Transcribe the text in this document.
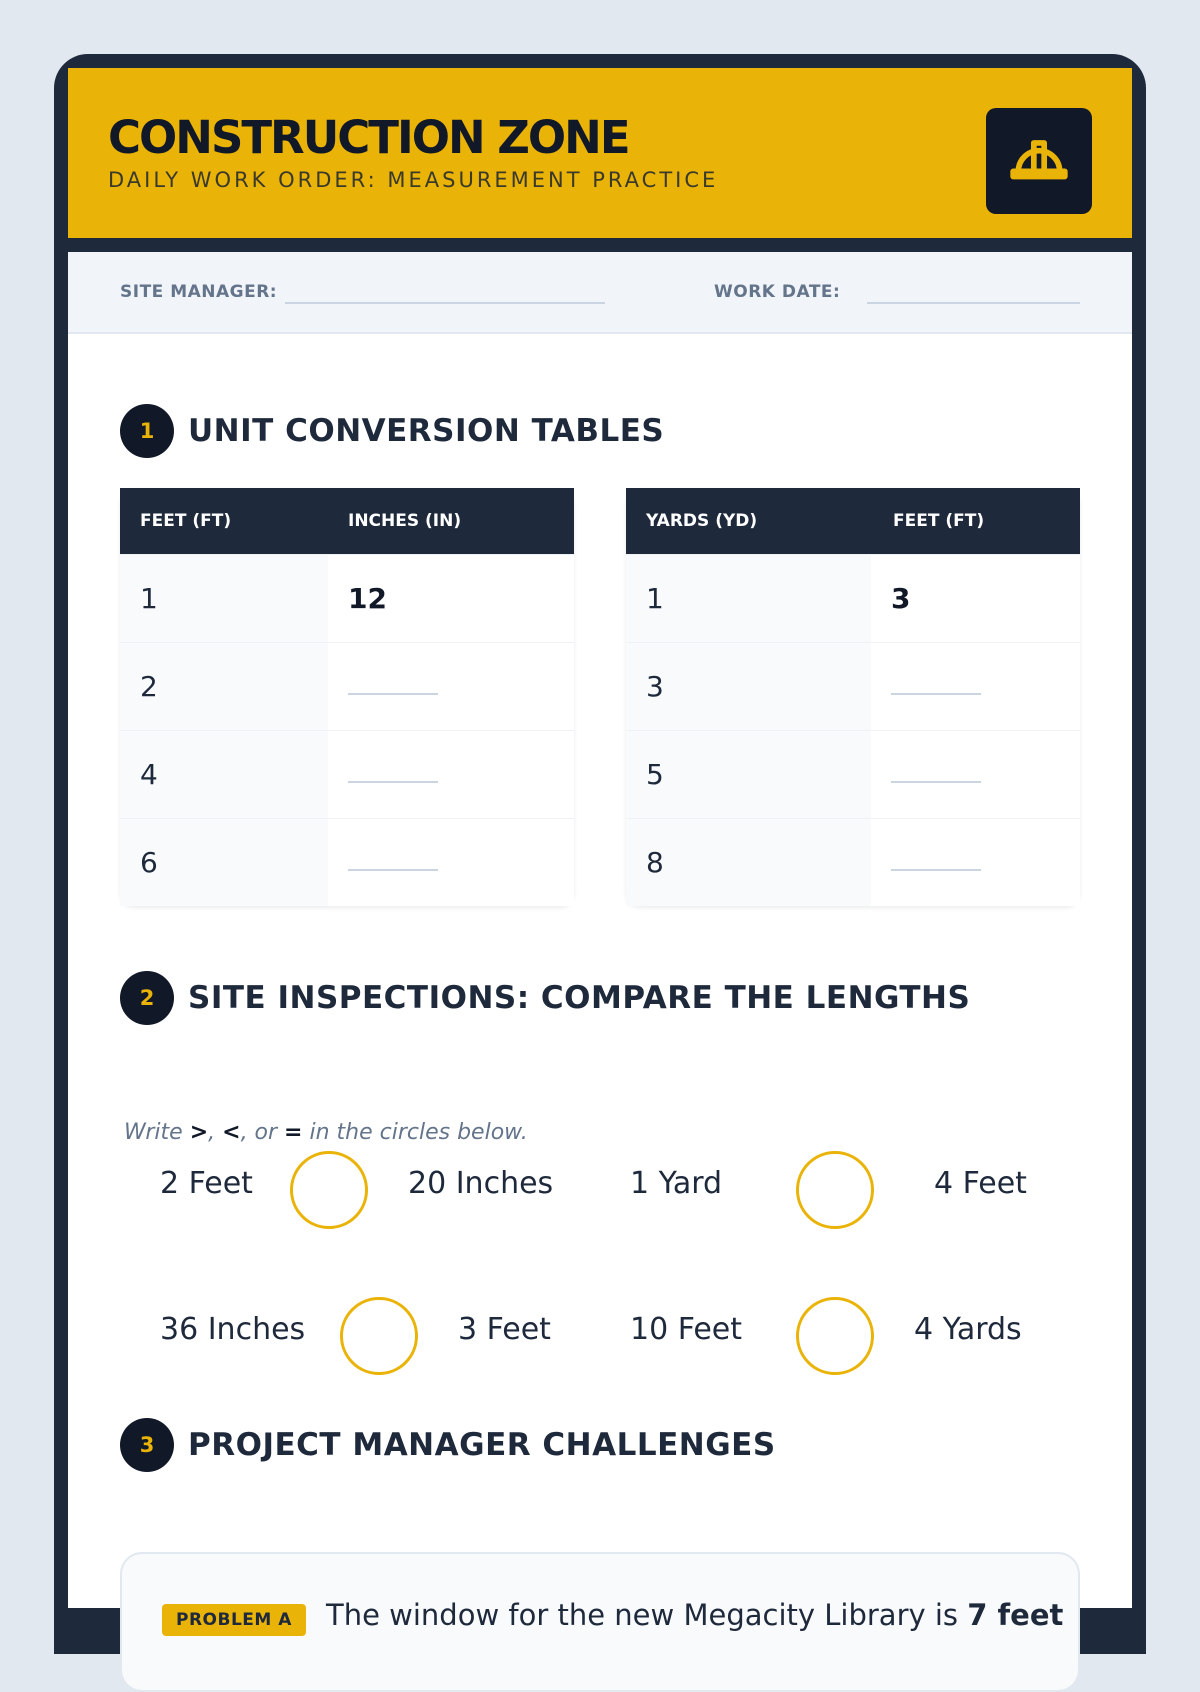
CONSTRUCTION ZONE
DAILY WORK ORDER: MEASUREMENT PRACTICE
SITE MANAGER:	WORK DATE:
1	UNIT CONVERSION TABLES
FEET (FT)	INCHES (IN)
1	12
2
4
6
YARDS (YD)	FEET (FT)
1	3
3
5
8
2	SITE INSPECTIONS: COMPARE THE LENGTHS
Write >, <, or = in the circles below.
2 Feet	20 Inches	1 Yard	4 Feet
36 Inches	3 Feet	10 Feet	4 Yards
3	PROJECT MANAGER CHALLENGES
PROBLEM A	The window for the new Megacity Library is 7 feet
